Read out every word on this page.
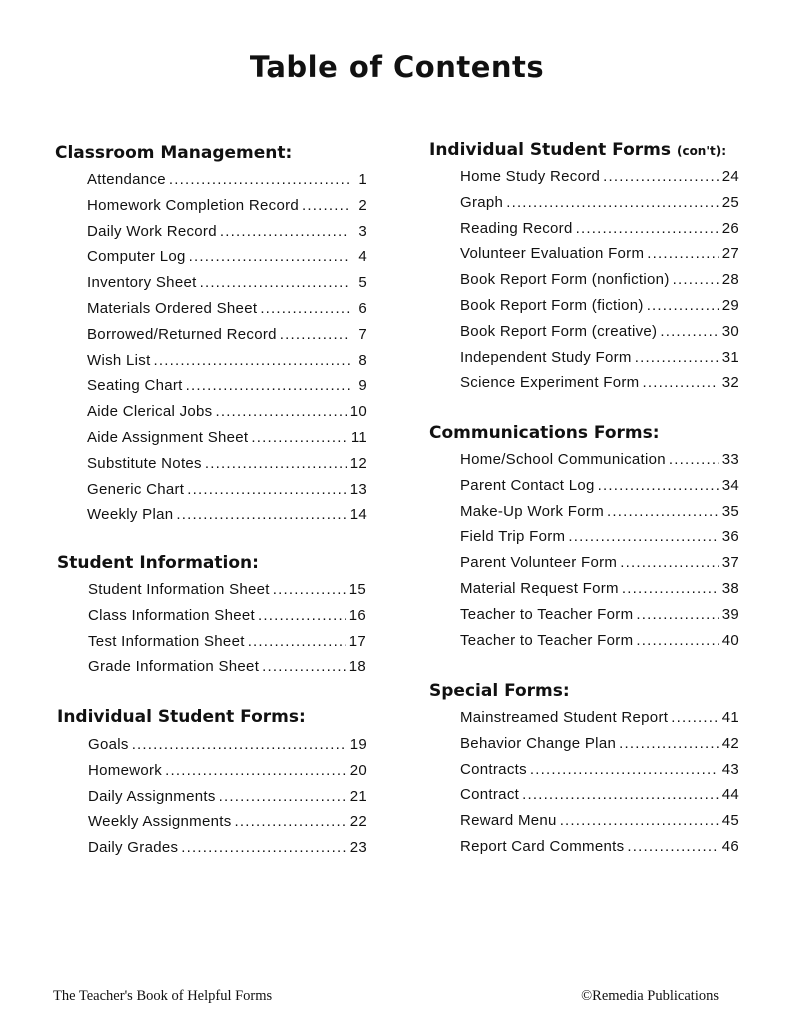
Table of Contents
Classroom Management:
Attendance .....	1
Homework Completion Record .....	2
Daily Work Record .....	3
Computer Log .....	4
Inventory Sheet .....	5
Materials Ordered Sheet .....	6
Borrowed/Returned Record .....	7
Wish List .....	8
Seating Chart .....	9
Aide Clerical Jobs .....	10
Aide Assignment Sheet .....	11
Substitute Notes .....	12
Generic Chart .....	13
Weekly Plan .....	14
Student Information:
Student Information Sheet .....	15
Class Information Sheet .....	16
Test Information Sheet .....	17
Grade Information Sheet .....	18
Individual Student Forms:
Goals .....	19
Homework .....	20
Daily Assignments .....	21
Weekly Assignments .....	22
Daily Grades .....	23
Individual Student Forms (con't):
Home Study Record .....	24
Graph .....	25
Reading Record .....	26
Volunteer Evaluation Form .....	27
Book Report Form (nonfiction) .....	28
Book Report Form (fiction) .....	29
Book Report Form (creative) .....	30
Independent Study Form .....	31
Science Experiment Form .....	32
Communications Forms:
Home/School Communication .....	33
Parent Contact Log .....	34
Make-Up Work Form .....	35
Field Trip Form .....	36
Parent Volunteer Form .....	37
Material Request Form .....	38
Teacher to Teacher Form .....	39
Teacher to Teacher Form .....	40
Special Forms:
Mainstreamed Student Report .....	41
Behavior Change Plan .....	42
Contracts .....	43
Contract .....	44
Reward Menu .....	45
Report Card Comments .....	46

The Teacher's Book of Helpful Forms	©Remedia Publications
